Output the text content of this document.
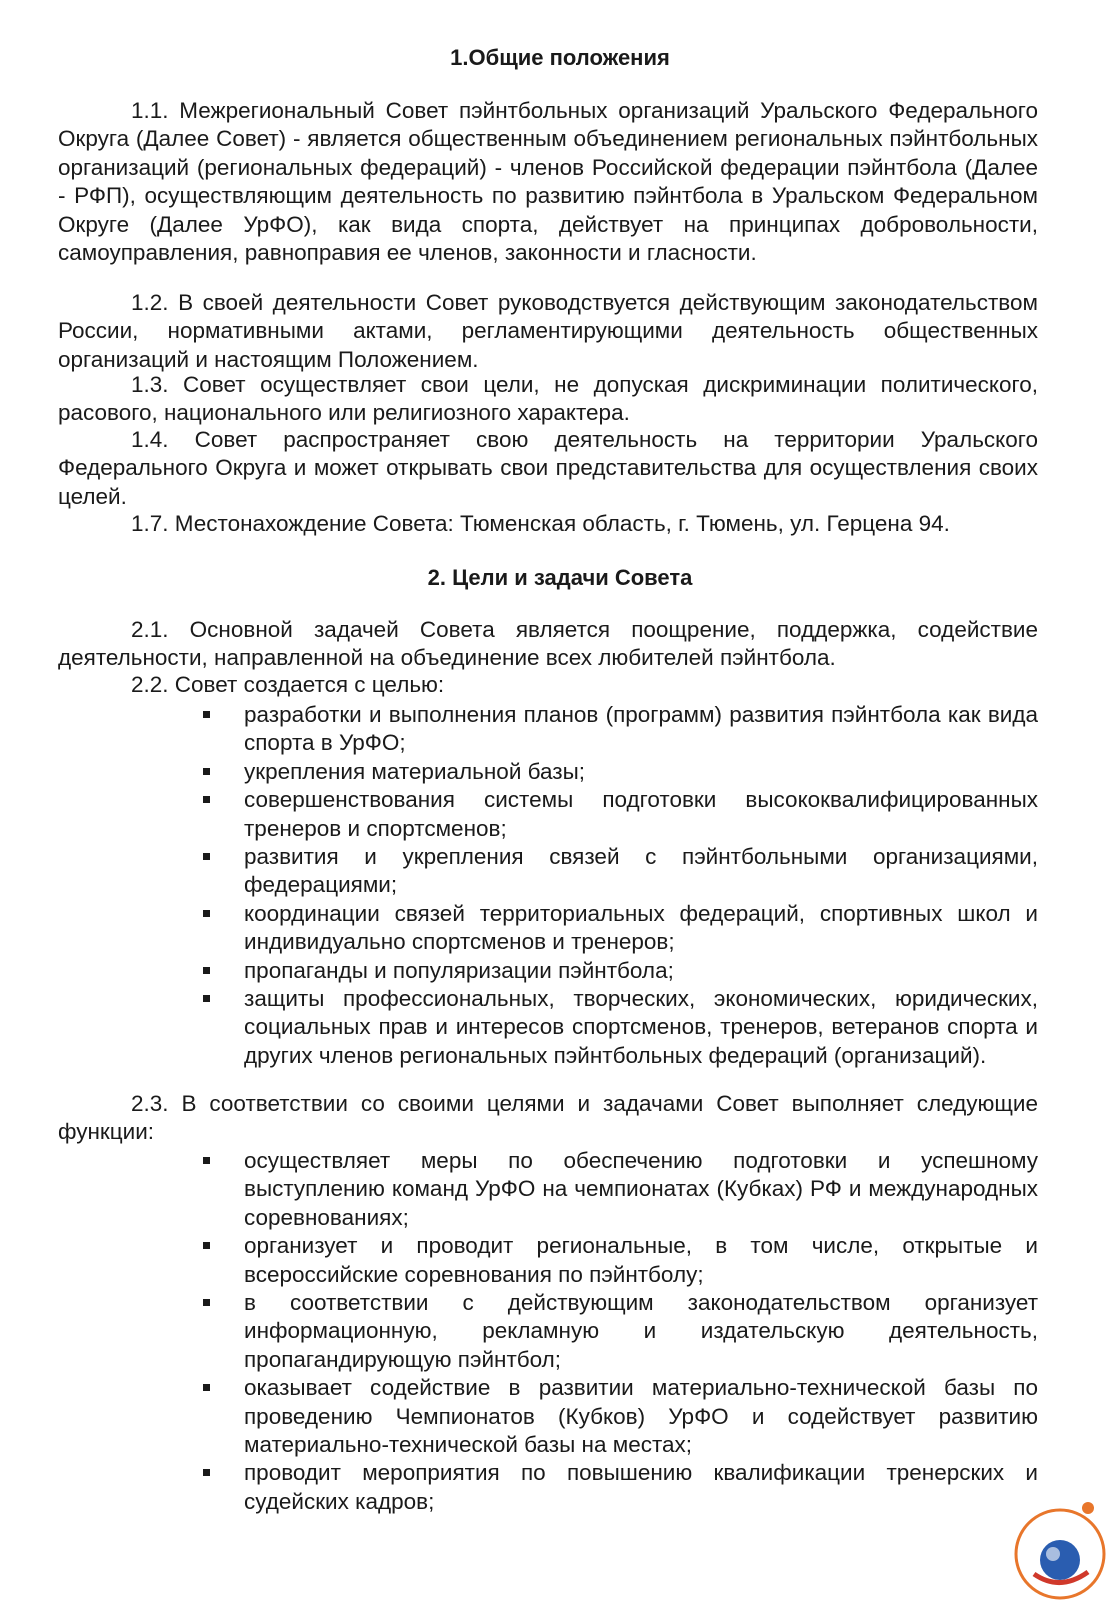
1.Общие положения
1.1. Межрегиональный Совет пэйнтбольных организаций Уральского Федерального Округа (Далее Совет) - является общественным объединением региональных пэйнтбольных организаций (региональных федераций) - членов Российской федерации пэйнтбола (Далее - РФП), осуществляющим деятельность по развитию пэйнтбола в Уральском Федеральном Округе (Далее УрФО), как вида спорта, действует на принципах добровольности, самоуправления, равноправия ее членов, законности и гласности.
1.2. В своей деятельности Совет руководствуется действующим законодательством России, нормативными актами, регламентирующими деятельность общественных организаций и настоящим Положением.
1.3. Совет осуществляет свои цели, не допуская дискриминации политического, расового, национального или религиозного характера.
1.4. Совет распространяет свою деятельность на территории Уральского Федерального Округа и может открывать свои представительства для осуществления своих целей.
1.7. Местонахождение Совета: Тюменская область, г. Тюмень, ул. Герцена 94.
2. Цели и задачи Совета
2.1. Основной задачей Совета является поощрение, поддержка, содействие деятельности, направленной на объединение всех любителей пэйнтбола.
2.2. Совет создается с целью:
разработки и выполнения планов (программ) развития пэйнтбола как вида спорта в УрФО;
укрепления материальной базы;
совершенствования системы подготовки высококвалифицированных тренеров и спортсменов;
развития и укрепления связей с пэйнтбольными организациями, федерациями;
координации связей территориальных федераций, спортивных школ и индивидуально спортсменов и тренеров;
пропаганды и популяризации пэйнтбола;
защиты профессиональных, творческих, экономических, юридических, социальных прав и интересов спортсменов, тренеров, ветеранов спорта и других членов региональных пэйнтбольных федераций (организаций).
2.3. В соответствии со своими целями и задачами Совет выполняет следующие функции:
осуществляет меры по обеспечению подготовки и успешному выступлению команд УрФО на чемпионатах (Кубках) РФ и международных соревнованиях;
организует и проводит региональные, в том числе, открытые и всероссийские соревнования по пэйнтболу;
в соответствии с действующим законодательством организует информационную, рекламную и издательскую деятельность, пропагандирующую пэйнтбол;
оказывает содействие в развитии материально-технической базы по проведению Чемпионатов (Кубков) УрФО и содействует развитию материально-технической базы на местах;
проводит мероприятия по повышению квалификации тренерских и судейских кадров;
